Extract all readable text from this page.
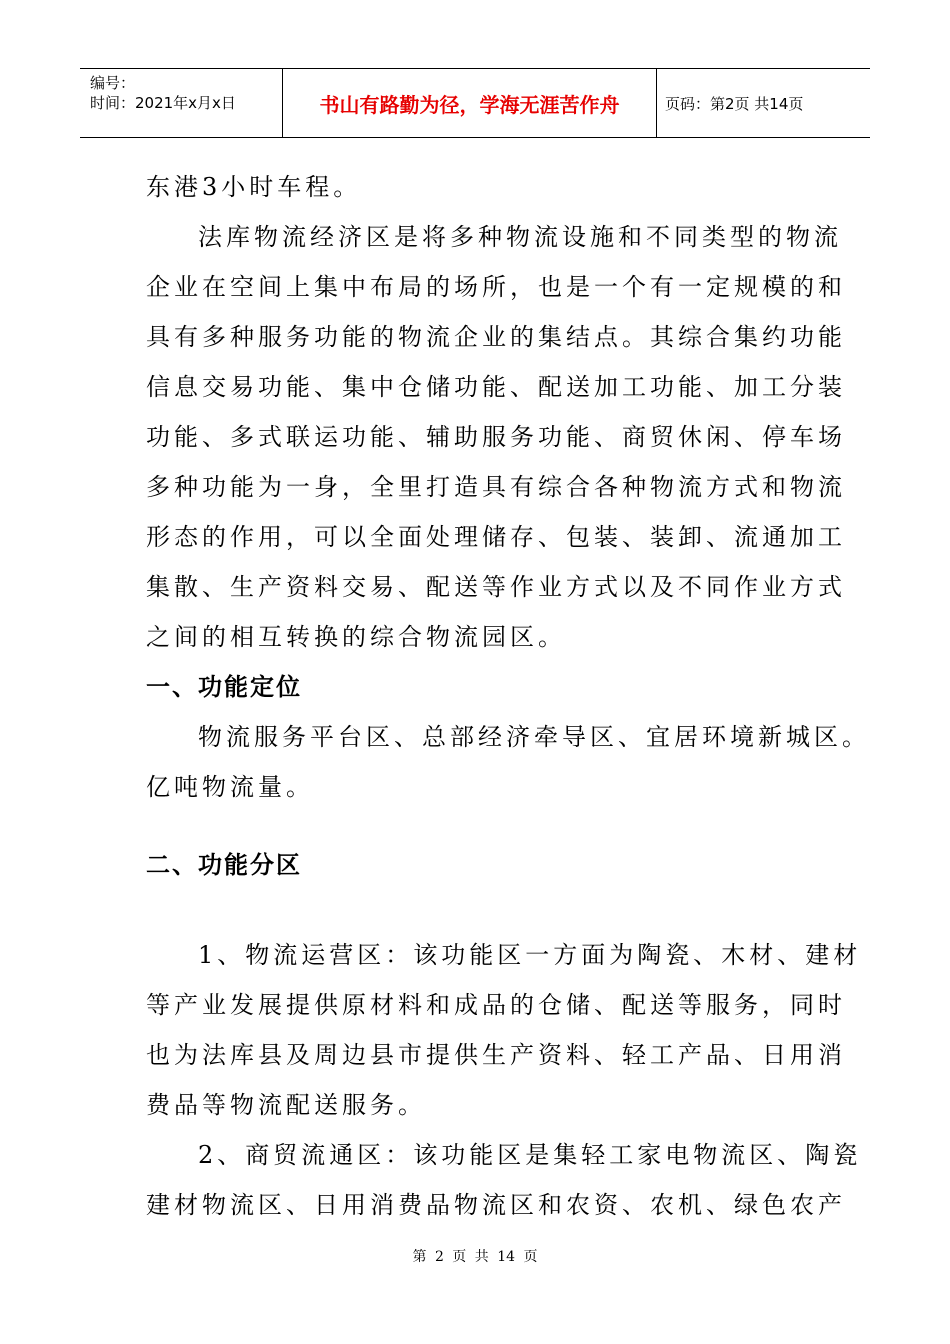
编号：
时间：2021年x月x日	书山有路勤为径，学海无涯苦作舟	页码：第2页 共14页
东港3小时车程。
法库物流经济区是将多种物流设施和不同类型的物流
企业在空间上集中布局的场所，也是一个有一定规模的和
具有多种服务功能的物流企业的集结点。其综合集约功能
信息交易功能、集中仓储功能、配送加工功能、加工分装
功能、多式联运功能、辅助服务功能、商贸休闲、停车场
多种功能为一身，全里打造具有综合各种物流方式和物流
形态的作用，可以全面处理储存、包装、装卸、流通加工
集散、生产资料交易、配送等作业方式以及不同作业方式
之间的相互转换的综合物流园区。
一、功能定位
物流服务平台区、总部经济牵导区、宜居环境新城区。
亿吨物流量。
二、功能分区
1、物流运营区：该功能区一方面为陶瓷、木材、建材
等产业发展提供原材料和成品的仓储、配送等服务，同时
也为法库县及周边县市提供生产资料、轻工产品、日用消
费品等物流配送服务。
2、商贸流通区：该功能区是集轻工家电物流区、陶瓷
建材物流区、日用消费品物流区和农资、农机、绿色农产
第 2 页 共 14 页
